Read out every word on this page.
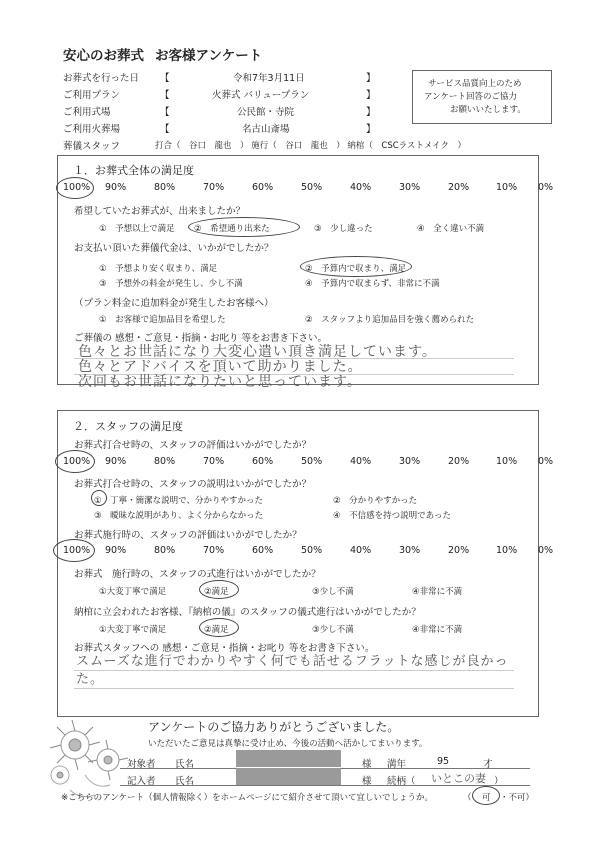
安心のお葬式 お客様アンケート
お葬式を行った日 【	令和7年3月11日	】
ご利用プラン	【	火葬式 バリュープラン	】
ご利用式場	【	公民館・寺院	】
ご利用火葬場	【	名古山斎場	】
葬儀スタッフ	打合（　谷口　龍也　） 施行（　谷口　龍也　） 納棺（　CSCラストメイク　）
サービス品質向上のため
アンケート回答のご協力
お願いいたします。
１．お葬式全体の満足度
100% 90%	80%	70%	60%	50%	40%	30%	20%	10% 0%
希望していたお葬式が、出来ましたか？
①　予想以上で満足 ②　希望通り出来た	③　少し違った	④　全く違い不満
お支払い頂いた葬儀代金は、いかがでしたか？
①　予想より安く収まり、満足	②　予算内で収まり、満足
③　予想外の料金が発生し、少し不満	④　予算内で収まらず、非常に不満
（プラン料金に追加料金が発生したお客様へ）
①　お客様で追加品目を希望した	②　スタッフより追加品目を強く薦められた
ご葬儀の 感想・ご意見・指摘・お叱り 等をお書き下さい。
色々とお世話になり大変心遣い頂き満足しています。
色々とアドバイスを頂いて助かりました。
次回もお世話になりたいと思っています。
２．スタッフの満足度
お葬式打合せ時の、スタッフの評価はいかがでしたか？
100% 90%	80%	70%	60%	50%	40%	30%	20%	10% 0%
お葬式打合せ時の、スタッフの説明はいかがでしたか？
①　丁寧・簡潔な説明で、分かりやすかった	②　分かりやすかった
③　曖昧な説明があり、よく分からなかった	④　不信感を持つ説明であった
お葬式施行時の、スタッフの評価はいかがでしたか？
100% 90%	80%	70%	60%	50%	40%	30%	20%	10% 0%
お葬式　施行時の、スタッフの式進行はいかがでしたか？
①大変丁寧で満足	②満足	③少し不満	④非常に不満
納棺に立会われたお客様、『納棺の儀』のスタッフの儀式進行はいかがでしたか？
①大変丁寧で満足	②満足	③少し不満	④非常に不満
お葬式スタッフへの 感想・ご意見・指摘・お叱り 等をお書き下さい。
スムーズな進行でわかりやすく何でも話せるフラットな感じが良かった。
アンケートのご協力ありがとうございました。
いただいたご意見は真摯に受け止め、今後の活動へ活かしてまいります。
対象者 氏名	様 満年	95	才
記入者 氏名	様 続柄（ いとこの妻 ）
※こちらのアンケート（個人情報除く）をホームページにて紹介させて頂いて宜しいでしょうか。	（ 可 ・不可）
